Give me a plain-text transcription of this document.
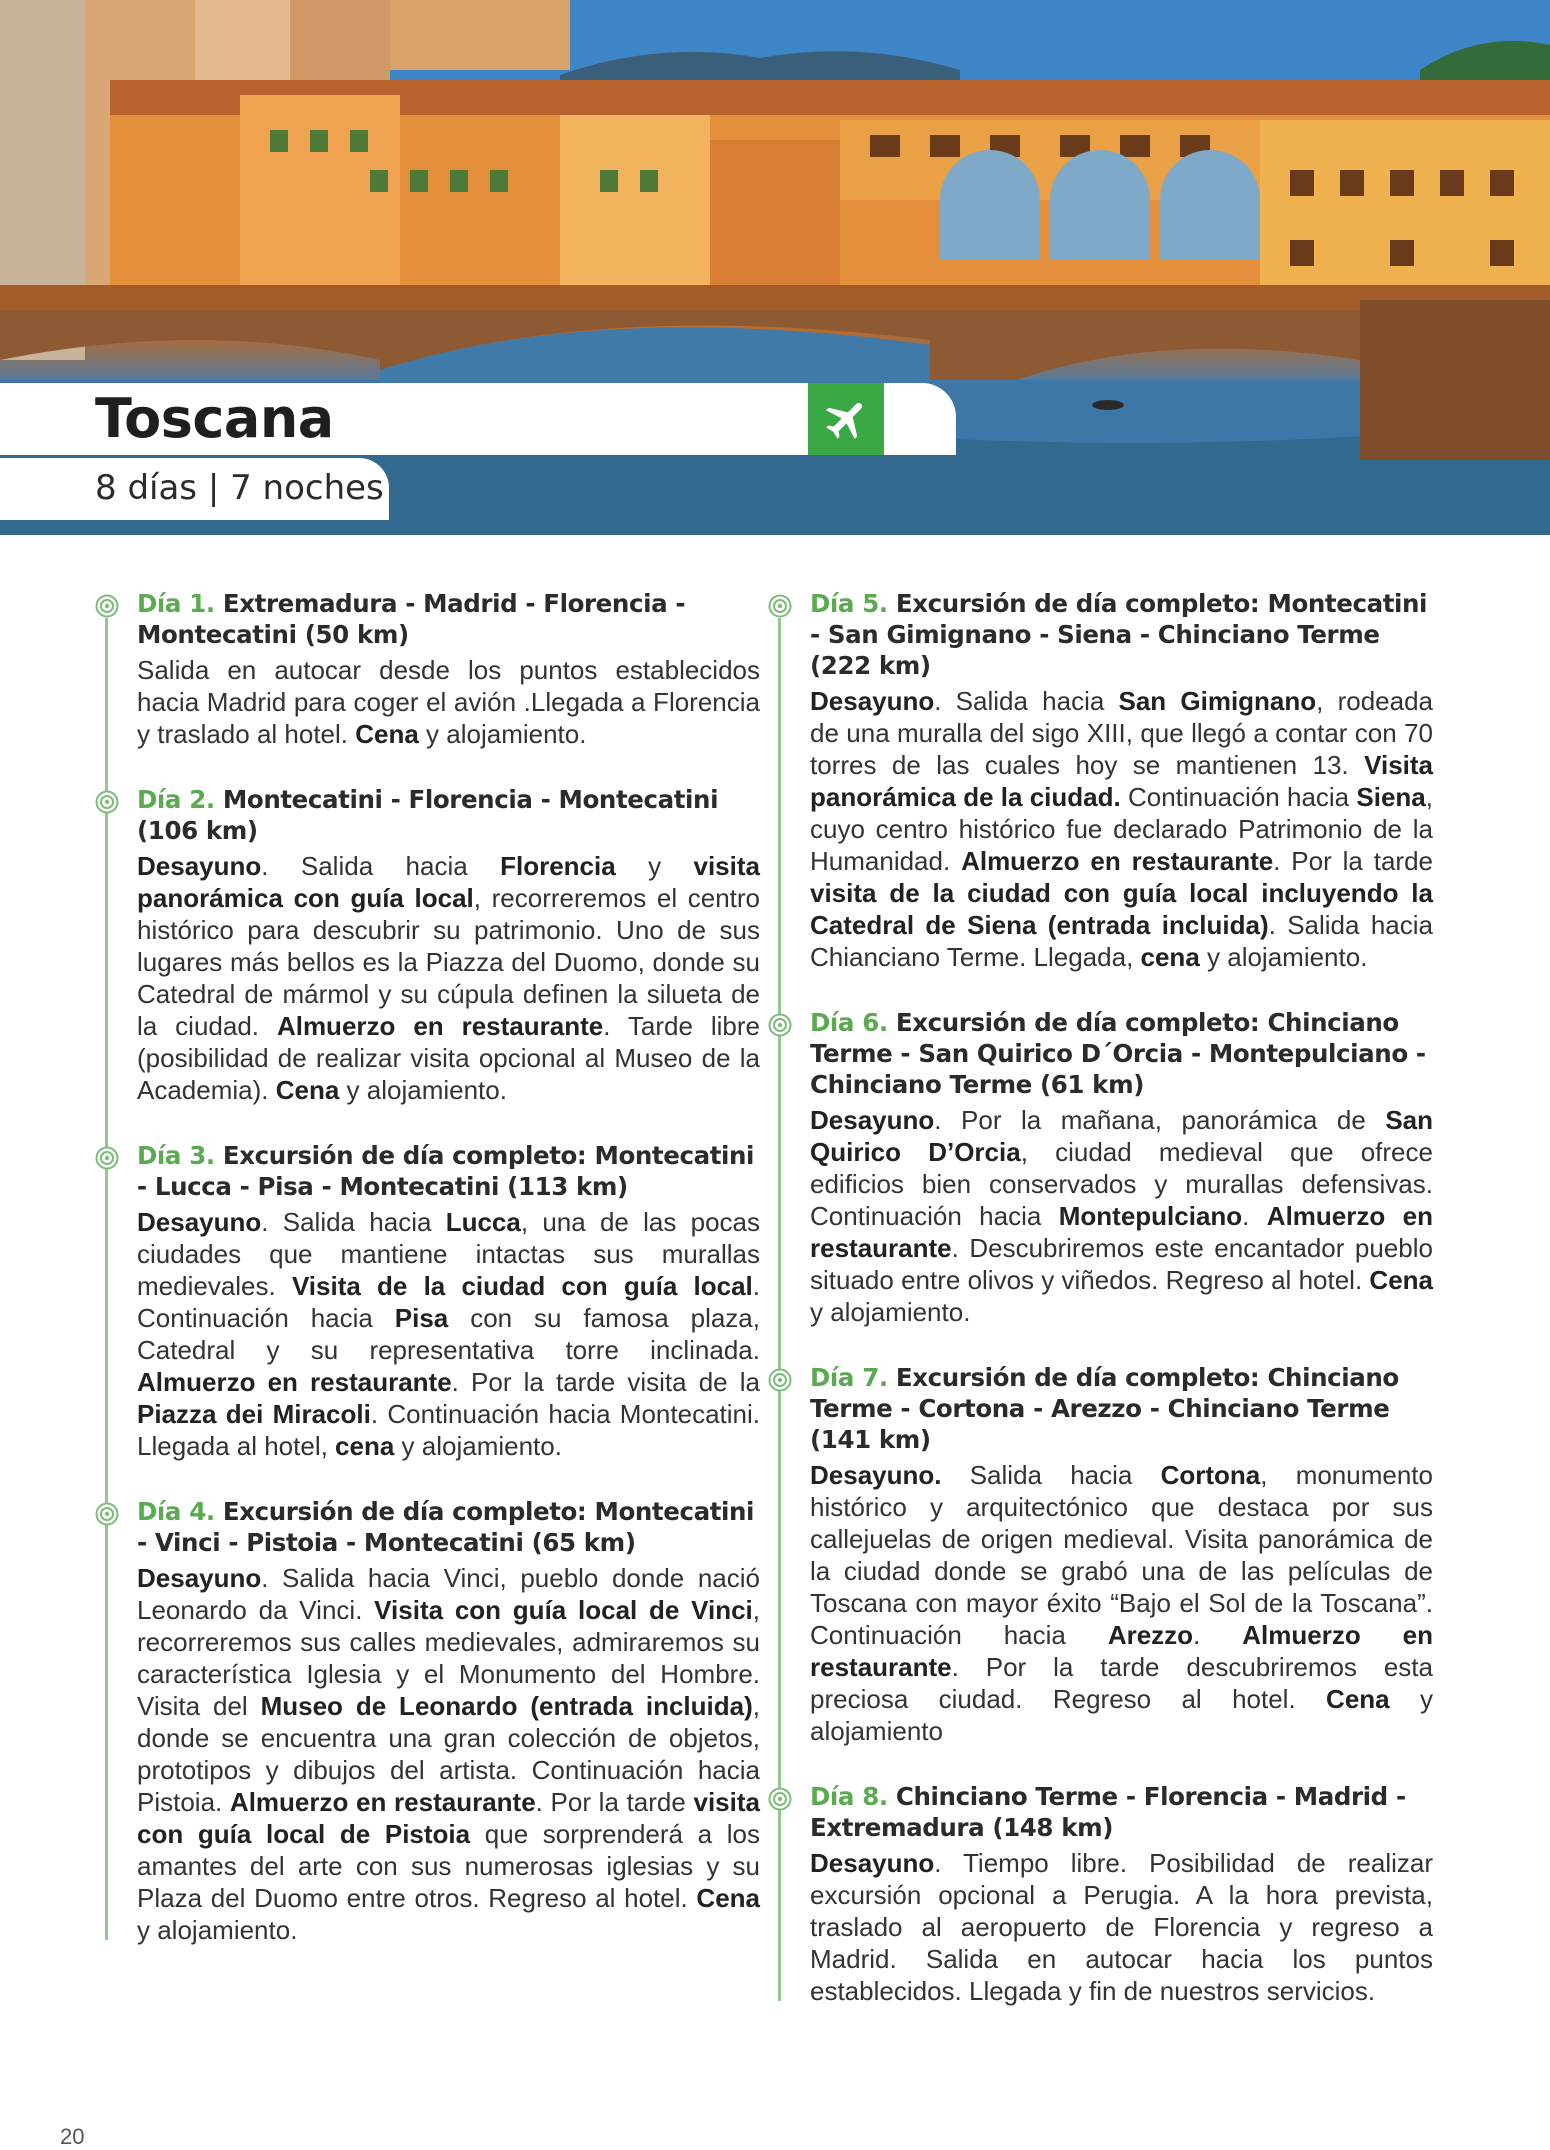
Toscana
8 días | 7 noches

Día 1. Extremadura - Madrid - Florencia - Montecatini (50 km)

Salida en autocar desde los puntos establecidos hacia Madrid para coger el avión .Llegada a Florencia y traslado al hotel. Cena y alojamiento.

Día 2. Montecatini - Florencia - Montecatini (106 km)

Desayuno. Salida hacia Florencia y visita panorámica con guía local, recorreremos el centro histórico para descubrir su patrimonio. Uno de sus lugares más bellos es la Piazza del Duomo, donde su Catedral de mármol y su cúpula definen la silueta de la ciudad. Almuerzo en restaurante. Tarde libre (posibilidad de realizar visita opcional al Museo de la Academia). Cena y alojamiento.

Día 3. Excursión de día completo: Montecatini - Lucca - Pisa - Montecatini (113 km)

Desayuno. Salida hacia Lucca, una de las pocas ciudades que mantiene intactas sus murallas medievales. Visita de la ciudad con guía local. Continuación hacia Pisa con su famosa plaza, Catedral y su representativa torre inclinada. Almuerzo en restaurante. Por la tarde visita de la Piazza dei Miracoli. Continuación hacia Montecatini. Llegada al hotel, cena y alojamiento.

Día 4. Excursión de día completo: Montecatini - Vinci - Pistoia - Montecatini (65 km)

Desayuno. Salida hacia Vinci, pueblo donde nació Leonardo da Vinci. Visita con guía local de Vinci, recorreremos sus calles medievales, admiraremos su característica Iglesia y el Monumento del Hombre. Visita del Museo de Leonardo (entrada incluida), donde se encuentra una gran colección de objetos, prototipos y dibujos del artista. Continuación hacia Pistoia. Almuerzo en restaurante. Por la tarde visita con guía local de Pistoia que sorprenderá a los amantes del arte con sus numerosas iglesias y su Plaza del Duomo entre otros. Regreso al hotel. Cena y alojamiento.

Día 5. Excursión de día completo: Montecatini - San Gimignano - Siena - Chinciano Terme (222 km)

Desayuno. Salida hacia San Gimignano, rodeada de una muralla del sigo XIII, que llegó a contar con 70 torres de las cuales hoy se mantienen 13. Visita panorámica de la ciudad. Continuación hacia Siena, cuyo centro histórico fue declarado Patrimonio de la Humanidad. Almuerzo en restaurante. Por la tarde visita de la ciudad con guía local incluyendo la Catedral de Siena (entrada incluida). Salida hacia Chianciano Terme. Llegada, cena y alojamiento.

Día 6. Excursión de día completo: Chinciano Terme - San Quirico D´Orcia - Montepulciano - Chinciano Terme (61 km)

Desayuno. Por la mañana, panorámica de San Quirico D’Orcia, ciudad medieval que ofrece edificios bien conservados y murallas defensivas. Continuación hacia Montepulciano. Almuerzo en restaurante. Descubriremos este encantador pueblo situado entre olivos y viñedos. Regreso al hotel. Cena y alojamiento.

Día 7. Excursión de día completo: Chinciano Terme - Cortona - Arezzo - Chinciano Terme (141 km)

Desayuno. Salida hacia Cortona, monumento histórico y arquitectónico que destaca por sus callejuelas de origen medieval. Visita panorámica de la ciudad donde se grabó una de las películas de Toscana con mayor éxito “Bajo el Sol de la Toscana”. Continuación hacia Arezzo. Almuerzo en restaurante. Por la tarde descubriremos esta preciosa ciudad. Regreso al hotel. Cena y alojamiento

Día 8. Chinciano Terme - Florencia - Madrid - Extremadura (148 km)

Desayuno. Tiempo libre. Posibilidad de realizar excursión opcional a Perugia. A la hora prevista, traslado al aeropuerto de Florencia y regreso a Madrid. Salida en autocar hacia los puntos establecidos. Llegada y fin de nuestros servicios.

20
